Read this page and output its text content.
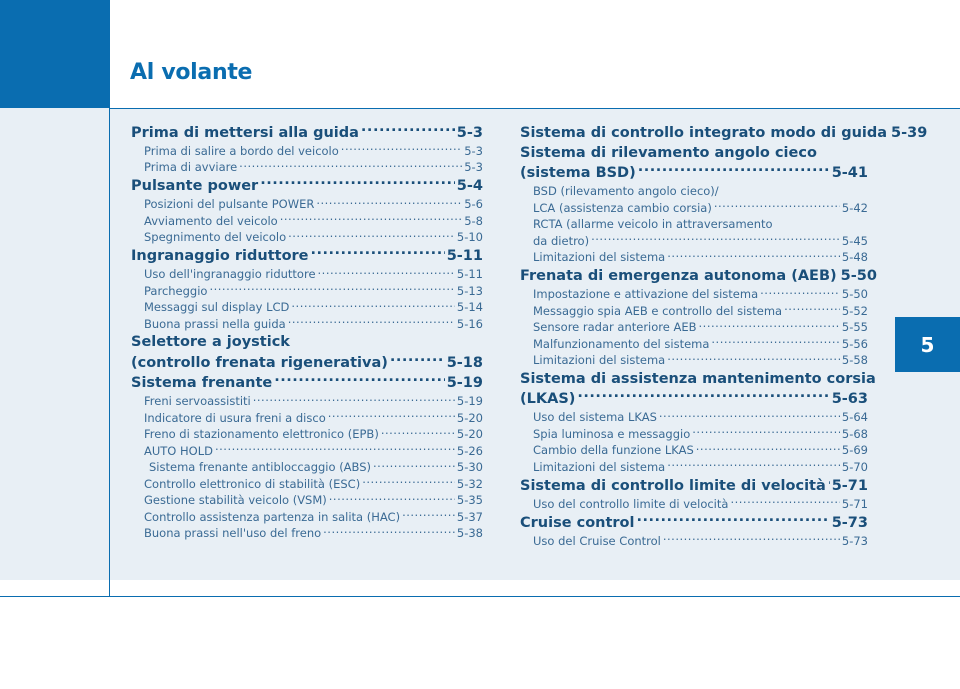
Al volante
Prima di mettersi alla guida .....	5-3
Prima di salire a bordo del veicolo .....	5-3
Prima di avviare .....	5-3
Pulsante power .....	5-4
Posizioni del pulsante POWER .....	5-6
Avviamento del veicolo .....	5-8
Spegnimento del veicolo .....	5-10
Ingranaggio riduttore .....	5-11
Uso dell'ingranaggio riduttore .....	5-11
Parcheggio .....	5-13
Messaggi sul display LCD .....	5-14
Buona prassi nella guida .....	5-16
Selettore a joystick
(controllo frenata rigenerativa) .....	5-18
Sistema frenante .....	5-19
Freni servoassistiti .....	5-19
Indicatore di usura freni a disco .....	5-20
Freno di stazionamento elettronico (EPB) .....	5-20
AUTO HOLD .....	5-26
Sistema frenante antibloccaggio (ABS) .....	5-30
Controllo elettronico di stabilità (ESC) .....	5-32
Gestione stabilità veicolo (VSM) .....	5-35
Controllo assistenza partenza in salita (HAC) .....	5-37
Buona prassi nell'uso del freno .....	5-38
Sistema di controllo integrato modo di guida 5-39
Sistema di rilevamento angolo cieco
(sistema BSD) .....	5-41
BSD (rilevamento angolo cieco)/
LCA (assistenza cambio corsia) .....	5-42
RCTA (allarme veicolo in attraversamento
da dietro) .....	5-45
Limitazioni del sistema .....	5-48
Frenata di emergenza autonoma (AEB) 5-50
Impostazione e attivazione del sistema .....	5-50
Messaggio spia AEB e controllo del sistema .....	5-52
Sensore radar anteriore AEB .....	5-55
Malfunzionamento del sistema .....	5-56
Limitazioni del sistema .....	5-58
Sistema di assistenza mantenimento corsia
(LKAS) .....	5-63
Uso del sistema LKAS .....	5-64
Spia luminosa e messaggio .....	5-68
Cambio della funzione LKAS .....	5-69
Limitazioni del sistema .....	5-70
Sistema di controllo limite di velocità ..... 5-71
Uso del controllo limite di velocità .....	5-71
Cruise control .....	5-73
Uso del Cruise Control .....	5-73
5
